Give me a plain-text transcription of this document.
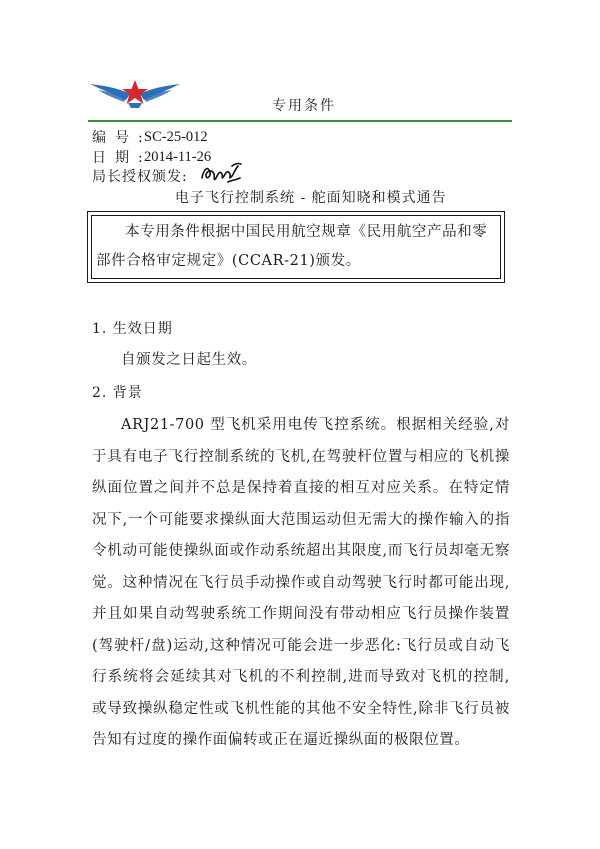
专用条件
编号:
SC-25-012
日期:
2014-11-26
局长授权颁发:
电子飞行控制系统 - 舵面知晓和模式通告
本专用条件根据中国民用航空规章《民用航空产品和零部件合格审定规定》(CCAR-21)颁发。
1. 生效日期
自颁发之日起生效。
2. 背景
ARJ21-700 型飞机采用电传飞控系统。根据相关经验,对于具有电子飞行控制系统的飞机,在驾驶杆位置与相应的飞机操纵面位置之间并不总是保持着直接的相互对应关系。在特定情况下,一个可能要求操纵面大范围运动但无需大的操作输入的指令机动可能使操纵面或作动系统超出其限度,而飞行员却毫无察觉。这种情况在飞行员手动操作或自动驾驶飞行时都可能出现,并且如果自动驾驶系统工作期间没有带动相应飞行员操作装置(驾驶杆/盘)运动,这种情况可能会进一步恶化:飞行员或自动飞行系统将会延续其对飞机的不利控制,进而导致对飞机的控制,或导致操纵稳定性或飞机性能的其他不安全特性,除非飞行员被告知有过度的操作面偏转或正在逼近操纵面的极限位置。
